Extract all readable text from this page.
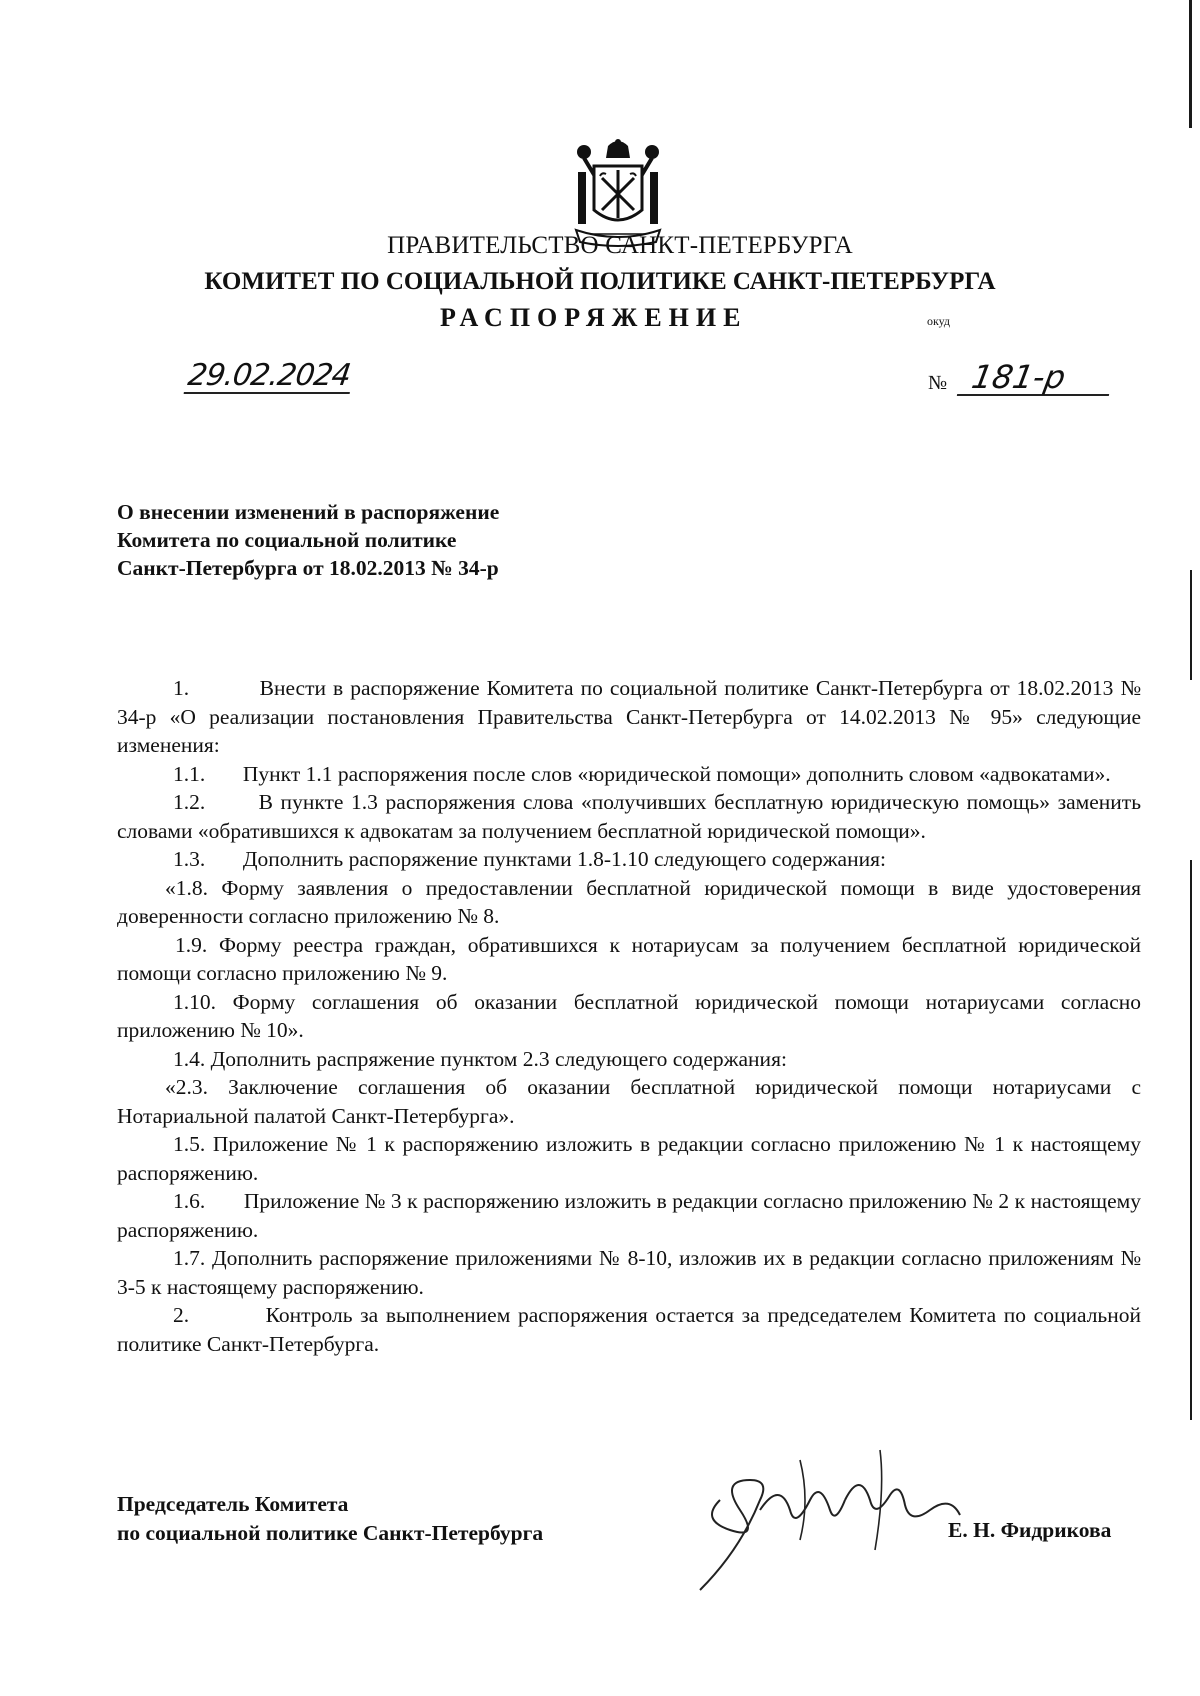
ПРАВИТЕЛЬСТВО САНКТ-ПЕТЕРБУРГА
КОМИТЕТ ПО СОЦИАЛЬНОЙ ПОЛИТИКЕ САНКТ-ПЕТЕРБУРГА
РАСПОРЯЖЕНИЕ	окуд
29.02.2024	№ 181-р
О внесении изменений в распоряжение
Комитета по социальной политике
Санкт-Петербурга от 18.02.2013 № 34-р

1.          Внести в распоряжение Комитета по социальной политике Санкт-Петербурга от 18.02.2013 № 34-р «О реализации постановления Правительства Санкт-Петербурга от 14.02.2013 № 95» следующие изменения:

1.1.       Пункт 1.1 распоряжения после слов «юридической помощи» дополнить словом «адвокатами».

1.2.       В пункте 1.3 распоряжения слова «получивших бесплатную юридическую помощь» заменить словами «обратившихся к адвокатам за получением бесплатной юридической помощи».

1.3.       Дополнить распоряжение пунктами 1.8-1.10 следующего содержания:

«1.8. Форму заявления о предоставлении бесплатной юридической помощи в виде удостоверения доверенности согласно приложению № 8.

1.9. Форму реестра граждан, обратившихся к нотариусам за получением бесплатной юридической помощи согласно приложению № 9.

1.10. Форму соглашения об оказании бесплатной юридической помощи нотариусами согласно приложению № 10».

1.4. Дополнить распряжение пунктом 2.3 следующего содержания:

«2.3. Заключение соглашения об оказании бесплатной юридической помощи нотариусами с Нотариальной палатой Санкт-Петербурга».

1.5. Приложение № 1 к распоряжению изложить в редакции согласно приложению № 1 к настоящему распоряжению.

1.6.       Приложение № 3 к распоряжению изложить в редакции согласно приложению № 2 к настоящему распоряжению.

1.7. Дополнить распоряжение приложениями № 8-10, изложив их в редакции согласно приложениям № 3-5 к настоящему распоряжению.

2.          Контроль за выполнением распоряжения остается за председателем Комитета по социальной политике Санкт-Петербурга.

Председатель Комитета
по социальной политике Санкт-Петербурга	Е. Н. Фидрикова
